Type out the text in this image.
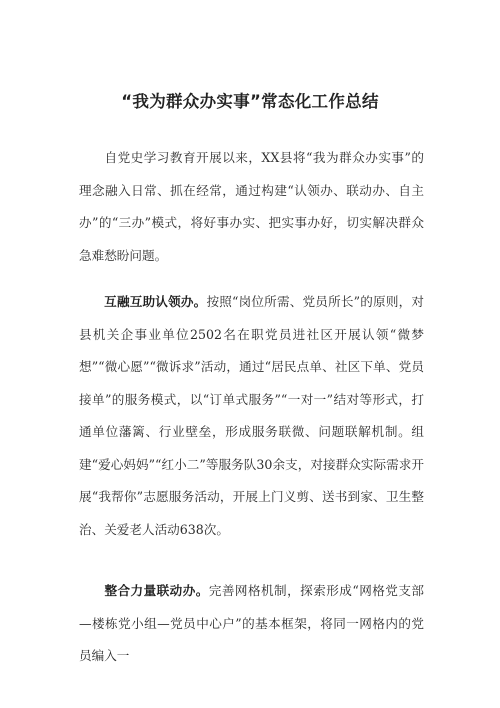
“我为群众办实事”常态化工作总结

自党史学习教育开展以来，XX县将“我为群众办实事”的理念融入日常、抓在经常，通过构建“认领办、联动办、自主办”的“三办”模式，将好事办实、把实事办好，切实解决群众急难愁盼问题。

互融互助认领办。按照“岗位所需、党员所长”的原则，对县机关企事业单位2502名在职党员进社区开展认领“微梦想”“微心愿”“微诉求”活动，通过“居民点单、社区下单、党员接单”的服务模式，以“订单式服务”“一对一”结对等形式，打通单位藩篱、行业壁垒，形成服务联微、问题联解机制。组建“爱心妈妈”“红小二”等服务队30余支，对接群众实际需求开展“我帮你”志愿服务活动，开展上门义剪、送书到家、卫生整治、关爱老人活动638次。

整合力量联动办。完善网格机制，探索形成“网格党支部—楼栋党小组—党员中心户”的基本框架，将同一网格内的党员编入一
